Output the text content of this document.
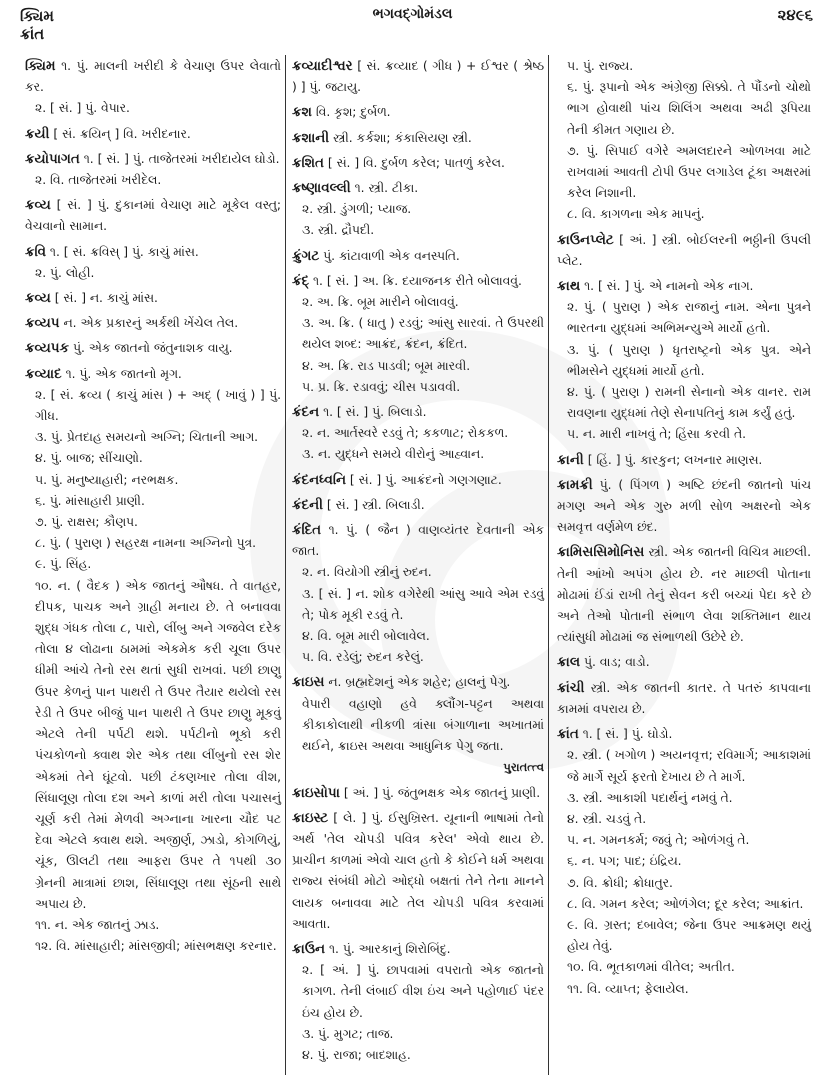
ક્યિમ
ક્રાંત
ભગવદ્ગોમંડલ	૨૪૯૬
ક્યિમ ૧. પું. માલની ખરીદી કે વેચાણ ઉપર લેવાતો કર.
૨. [ સં. ] પું. વેપાર.
ક્રયી [ સં. ક્રયિન્ ] વિ. ખરીદનાર.
ક્રયોપાગત ૧. [ સં. ] પું. તાજેતરમાં ખરીદાયેલ ઘોડો.
૨. વિ. તાજેતરમાં ખરીદેલ.
ક્રવ્ય [ સં. ] પું. દુકાનમાં વેચાણ માટે મૂકેલ વસ્તુ; વેચવાનો સામાન.
ક્રવિ ૧. [ સં. ક્રવિસ્ ] પું. કાચું માંસ.
૨. પું. લોહી.
ક્રવ્ય [ સં. ] ન. કાચું માંસ.
ક્રવ્યપ ન. એક પ્રકારનું અર્કથી ખેંચેલ તેલ.
ક્રવ્યપક પું. એક જાતનો જંતુનાશક વાયુ.
ક્રવ્યાદ ૧. પું. એક જાતનો મૃગ.
૨. [ સં. ક્રવ્ય ( કાચું માંસ ) + અદ્ ( ખાવું ) ] પું. ગીધ.
૩. પું. પ્રેતદાહ સમયનો અગ્નિ; ચિતાની આગ.
૪. પું. બાજ; સીંચાણો.
૫. પું. મનુષ્યાહારી; નરભક્ષક.
૬. પું. માંસાહારી પ્રાણી.
૭. પું. રાક્ષસ; કૌણપ.
૮. પું. ( પુરાણ ) સહરક્ષ નામના અગ્નિનો પુત્ર.
૯. પું. સિંહ.
૧૦. ન. ( વૈદક ) એક જાતનું ઔષધ. તે વાતહર, દીપક, પાચક અને ગ્રાહી મનાય છે. તે બનાવવા શુદ્ધ ગંધક તોલા ૮, પારો, લીંબુ અને ગજવેલ દરેક તોલા ૪ લોઢાના ઠામમાં એકમેક કરી ચૂલા ઉપર ધીમી આંચે તેનો રસ થતાં સુધી રાખવાં. પછી છાણુ ઉપર કેળનું પાન પાથરી તે ઉપર તૈયાર થયેલો રસ રેડી તે ઉપર બીજું પાન પાથરી તે ઉપર છાણુ મૂકવું એટલે તેની પર્પટી થશે. પર્પટીનો ભૂકો કરી પંચકોળનો ક્વાથ શેર એક તથા લીંબુનો રસ શેર એકમાં તેને ઘૂંટવો. પછી ટંકણખાર તોલા વીશ, સિંધાલૂણ તોલા દશ અને કાળાં મરી તોલા પચાસનું ચૂર્ણ કરી તેમાં મેળવી અગ્નાના ખારના ચૌદ પટ દેવા એટલે ક્વાથ થશે. અજીર્ણ, ઝાડો, કોગળિયું, ચૂંક, ઊલટી તથા આફરા ઉપર તે ૧૫થી ૩૦ ગ્રેનની માત્રામાં છાશ, સિંધાલૂણ તથા સૂંઠની સાથે અપાય છે.
૧૧. ન. એક જાતનું ઝાડ.
૧૨. વિ. માંસાહારી; માંસજીવી; માંસભક્ષણ કરનાર.
ક્રવ્યાદીશ્વર [ સં. ક્રવ્યાદ ( ગીધ ) + ઈશ્વર ( શ્રેષ્ઠ ) ] પું. જટાયુ.
ક્રશ વિ. કૃશ; દુર્બળ.
ક્રશાની સ્ત્રી. કર્કશા; કંકાસિયણ સ્ત્રી.
ક્રશિત [ સં. ] વિ. દુર્બળ કરેલ; પાતળું કરેલ.
ક્રષ્ણાવલ્લી ૧. સ્ત્રી. ટીકા.
૨. સ્ત્રી. ડુંગળી; પ્યાજ.
૩. સ્ત્રી. દ્રૌપદી.
ક્રુંગટ પું. કાંટાવાળી એક વનસ્પતિ.
ક્રંદ્ ૧. [ સં. ] અ. ક્રિ. દયાજનક રીતે બોલાવવું.
૨. અ. ક્રિ. બૂમ મારીને બોલાવવું.
૩. અ. ક્રિ. ( ધાતુ ) રડવું; આંસુ સારવાં. તે ઉપરથી થયેલ શબ્દ: આક્રંદ, ક્રંદન, ક્રંદિત.
૪. અ. ક્રિ. રાડ પાડવી; બૂમ મારવી.
૫. પ્ર. ક્રિ. રડાવવું; ચીસ પડાવવી.
ક્રંદન ૧. [ સં. ] પું. બિલાડો.
૨. ન. આર્તસ્વરે રડવું તે; કકળાટ; રોકકળ.
૩. ન. યુદ્ધને સમયે વીરોનું આહ્વાન.
ક્રંદનધ્વનિ [ સં. ] પું. આક્રંદનો ગણગણાટ.
ક્રંદની [ સં. ] સ્ત્રી. બિલાડી.
ક્રંદિત ૧. પું. ( જૈન ) વાણવ્યંતર દેવતાની એક જાત.
૨. ન. વિયોગી સ્ત્રીનું રુદન.
૩. [ સં. ] ન. શોક વગેરેથી આંસુ આવે એમ રડવું તે; પોક મૂકી રડવું તે.
૪. વિ. બૂમ મારી બોલાવેલ.
૫. વિ. રડેલું; રુદન કરેલું.
ક્રાઇસ ન. બ્રહ્મદેશનું એક શહેર; હાલનું પેગુ.
વેપારી વહાણો હવે ક્લૌંગ-પટ્ટન અથવા કીકાકોલાથી નીકળી ત્રાંસા બંગાળાના અખાતમાં થઈને, ક્રાઇસ અથવા આધુનિક પેગુ જતા.
પુરાતત્ત્વ
ક્રાઇસોપા [ અં. ] પું. જંતુભક્ષક એક જાતનું પ્રાણી.
ક્રાઇસ્ટ [ લે. ] પું. ઈસુખ્રિસ્ત. યૂનાની ભાષામાં તેનો અર્થ 'તેલ ચોપડી પવિત્ર કરેલ' એવો થાય છે. પ્રાચીન કાળમાં એવો ચાલ હતો કે કોઈને ધર્મ અથવા રાજ્ય સંબંધી મોટો ઓદ્ધો બક્ષતાં તેને તેના માનને લાયક બનાવવા માટે તેલ ચોપડી પવિત્ર કરવામાં આવતા.
ક્રાઉન ૧. પું. આરકાનું શિરોબિંદુ.
૨. [ અં. ] પું. છાપવામાં વપરાતો એક જાતનો કાગળ. તેની લંબાઈ વીશ ઇંચ અને પહોળાઈ પંદર ઇંચ હોય છે.
૩. પું. મુગટ; તાજ.
૪. પું. રાજા; બાદશાહ.
૫. પું. રાજ્ય.
૬. પું. રૂપાનો એક અંગ્રેજી સિક્કો. તે પૌંડનો ચોથો ભાગ હોવાથી પાંચ શિલિંગ અથવા અઢી રૂપિયા તેની કીમત ગણાય છે.
૭. પું. સિપાઈ વગેરે અમલદારને ઓળખવા માટે રાખવામાં આવતી ટોપી ઉપર લગાડેલ ટૂંકા અક્ષરમાં કરેલ નિશાની.
૮. વિ. કાગળના એક માપનું.
ક્રાઉનપ્લેટ [ અં. ] સ્ત્રી. બોઈલરની ભઠ્ઠીની ઉપલી પ્લેટ.
ક્રાથ ૧. [ સં. ] પું. એ નામનો એક નાગ.
૨. પું. ( પુરાણ ) એક રાજાનું નામ. એના પુત્રને ભારતના યુદ્ધમાં અભિમન્યુએ માર્યો હતો.
૩. પું. ( પુરાણ ) ધૃતરાષ્ટ્રનો એક પુત્ર. એને ભીમસેને યુદ્ધમાં માર્યો હતો.
૪. પું. ( પુરાણ ) રામની સેનાનો એક વાનર. રામ રાવણના યુદ્ધમાં તેણે સેનાપતિનું કામ કર્યું હતું.
૫. ન. મારી નાખવું તે; હિંસા કરવી તે.
ક્રાની [ હિં. ] પું. કારકુન; લખનાર માણસ.
ક્રામક્રી પું. ( પિંગળ ) અષ્ટિ છંદની જાતનો પાંચ મગણ અને એક ગુરુ મળી સોળ અક્ષરનો એક સમવૃત્ત વર્ણમેળ છંદ.
ક્રામિસસિમોનિસ સ્ત્રી. એક જાતની વિચિત્ર માછલી. તેની આંખો અપંગ હોય છે. નર માછલી પોતાના મોઢામાં ઈંડાં રાખી તેનું સેવન કરી બચ્ચાં પેદા કરે છે અને તેઓ પોતાની સંભાળ લેવા શક્તિમાન થાય ત્યાંસુધી મોઢામાં જ સંભાળથી ઉછેરે છે.
ક્રાલ પું. વાડ; વાડો.
ક્રાંચી સ્ત્રી. એક જાતની કાતર. તે પતરું કાપવાના કામમાં વપરાય છે.
ક્રાંત ૧. [ સં. ] પું. ઘોડો.
૨. સ્ત્રી. ( ખગોળ ) અયનવૃત્ત; રવિમાર્ગ; આકાશમાં જે માર્ગે સૂર્ય ફરતો દેખાય છે તે માર્ગ.
૩. સ્ત્રી. આકાશી પદાર્થનું નમવું તે.
૪. સ્ત્રી. ચડવું તે.
૫. ન. ગમનકર્મ; જવું તે; ઓળંગવું તે.
૬. ન. પગ; પાદ; ઇંદ્રિય.
૭. વિ. ક્રોધી; ક્રોધાતુર.
૮. વિ. ગમન કરેલ; ઓળંગેલ; દૂર કરેલ; આક્રાંત.
૯. વિ. ગ્રસ્ત; દબાવેલ; જેના ઉપર આક્રમણ થયું હોય તેવું.
૧૦. વિ. ભૂતકાળમાં વીતેલ; અતીત.
૧૧. વિ. વ્યાપ્ત; ફેલાયેલ.
